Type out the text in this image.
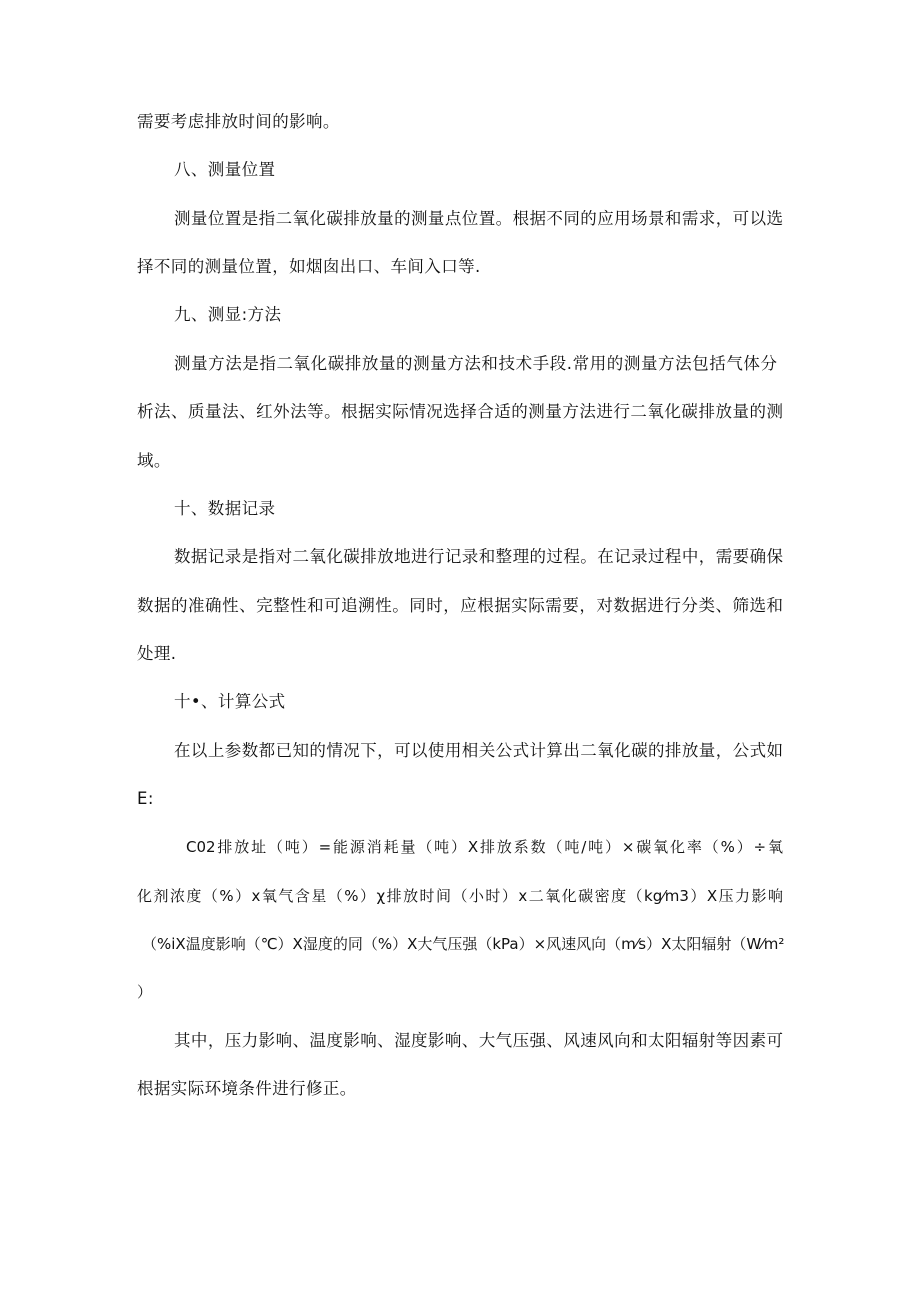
需要考虑排放时间的影响。
八、测量位置
测量位置是指二氧化碳排放量的测量点位置。根据不同的应用场景和需求，可以选
择不同的测量位置，如烟囱出口、车间入口等.
九、测显:方法
测量方法是指二氧化碳排放量的测量方法和技术手段.常用的测量方法包括气体分
析法、质量法、红外法等。根据实际情况选择合适的测量方法进行二氧化碳排放量的测
域。
十、数据记录
数据记录是指对二氧化碳排放地进行记录和整理的过程。在记录过程中，需要确保
数据的准确性、完整性和可追溯性。同时，应根据实际需要，对数据进行分类、筛选和
处理.
十•、计算公式
在以上参数都已知的情况下，可以使用相关公式计算出二氧化碳的排放量，公式如
E:
C02排放址（吨）=能源消耗量（吨）X排放系数（吨/吨）×碳氧化率（%）÷氧
化剂浓度（%）x氧气含星（%）χ排放时间（小时）x二氧化碳密度（kg⁄m3）X压力影响
（%iX温度影响（℃）X湿度的同（%）X大气压强（kPa）×风速风向（m⁄s）X太阳辐射（W⁄m²
）
其中，压力影响、温度影响、湿度影响、大气压强、风速风向和太阳辐射等因素可
根据实际环境条件进行修正。
